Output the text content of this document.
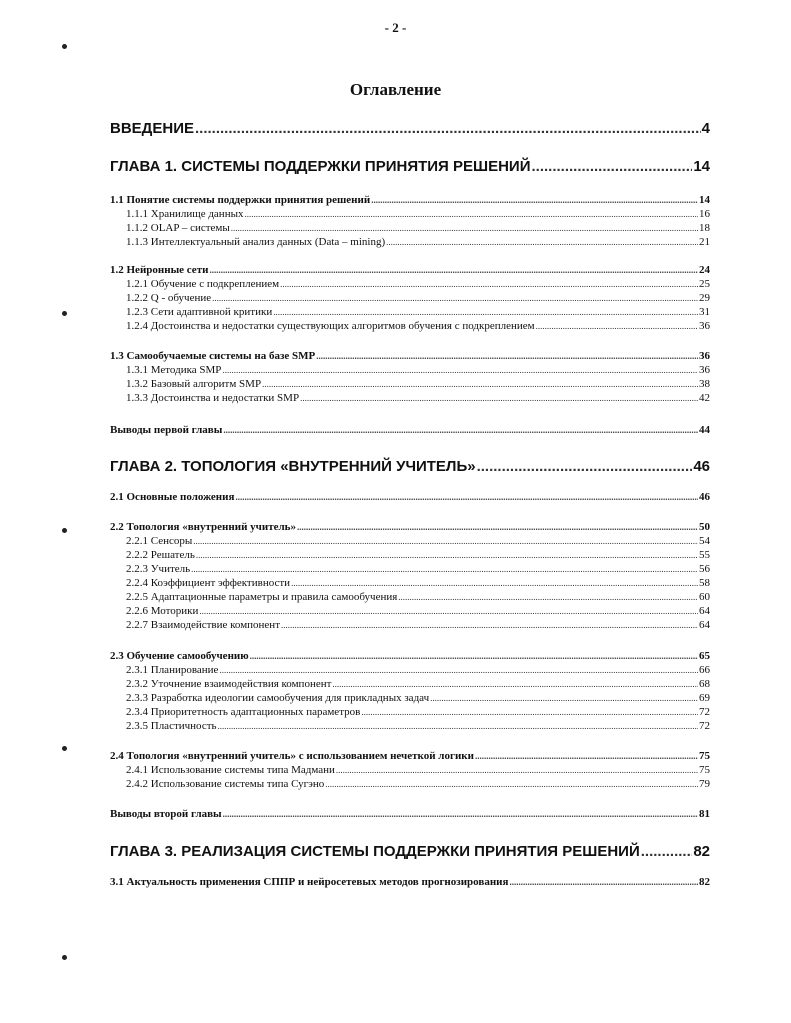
- 2 -
Оглавление
ВВЕДЕНИЕ .....	4
ГЛАВА 1. СИСТЕМЫ ПОДДЕРЖКИ ПРИНЯТИЯ РЕШЕНИЙ .....	14
1.1 Понятие системы поддержки принятия решений .....	14
1.1.1 Хранилище данных .....	16
1.1.2 OLAP – системы .....	18
1.1.3 Интеллектуальный анализ данных (Data – mining) .....	21
1.2 Нейронные сети .....	24
1.2.1 Обучение с подкреплением .....	25
1.2.2 Q - обучение .....	29
1.2.3 Сети адаптивной критики .....	31
1.2.4 Достоинства и недостатки существующих алгоритмов обучения с подкреплением .....	36
1.3 Самообучаемые системы на базе SMP .....	36
1.3.1 Методика SMP .....	36
1.3.2 Базовый алгоритм SMP .....	38
1.3.3 Достоинства и недостатки SMP .....	42
Выводы первой главы .....	44
ГЛАВА 2. ТОПОЛОГИЯ «ВНУТРЕННИЙ УЧИТЕЛЬ» .....	46
2.1 Основные положения .....	46
2.2 Топология «внутренний учитель» .....	50
2.2.1 Сенсоры .....	54
2.2.2 Решатель .....	55
2.2.3 Учитель .....	56
2.2.4 Коэффициент эффективности .....	58
2.2.5 Адаптационные параметры и правила самообучения .....	60
2.2.6 Моторики .....	64
2.2.7 Взаимодействие компонент .....	64
2.3 Обучение самообучению .....	65
2.3.1 Планирование .....	66
2.3.2 Уточнение взаимодействия компонент .....	68
2.3.3 Разработка идеологии самообучения для прикладных задач .....	69
2.3.4 Приоритетность адаптационных параметров .....	72
2.3.5 Пластичность .....	72
2.4 Топология «внутренний учитель» с использованием нечеткой логики .....	75
2.4.1 Использование системы типа Мадмани .....	75
2.4.2 Использование системы типа Сугэно .....	79
Выводы второй главы .....	81
ГЛАВА 3. РЕАЛИЗАЦИЯ СИСТЕМЫ ПОДДЕРЖКИ ПРИНЯТИЯ РЕШЕНИЙ .....	82
3.1 Актуальность применения СППР и нейросетевых методов прогнозирования .....	82
